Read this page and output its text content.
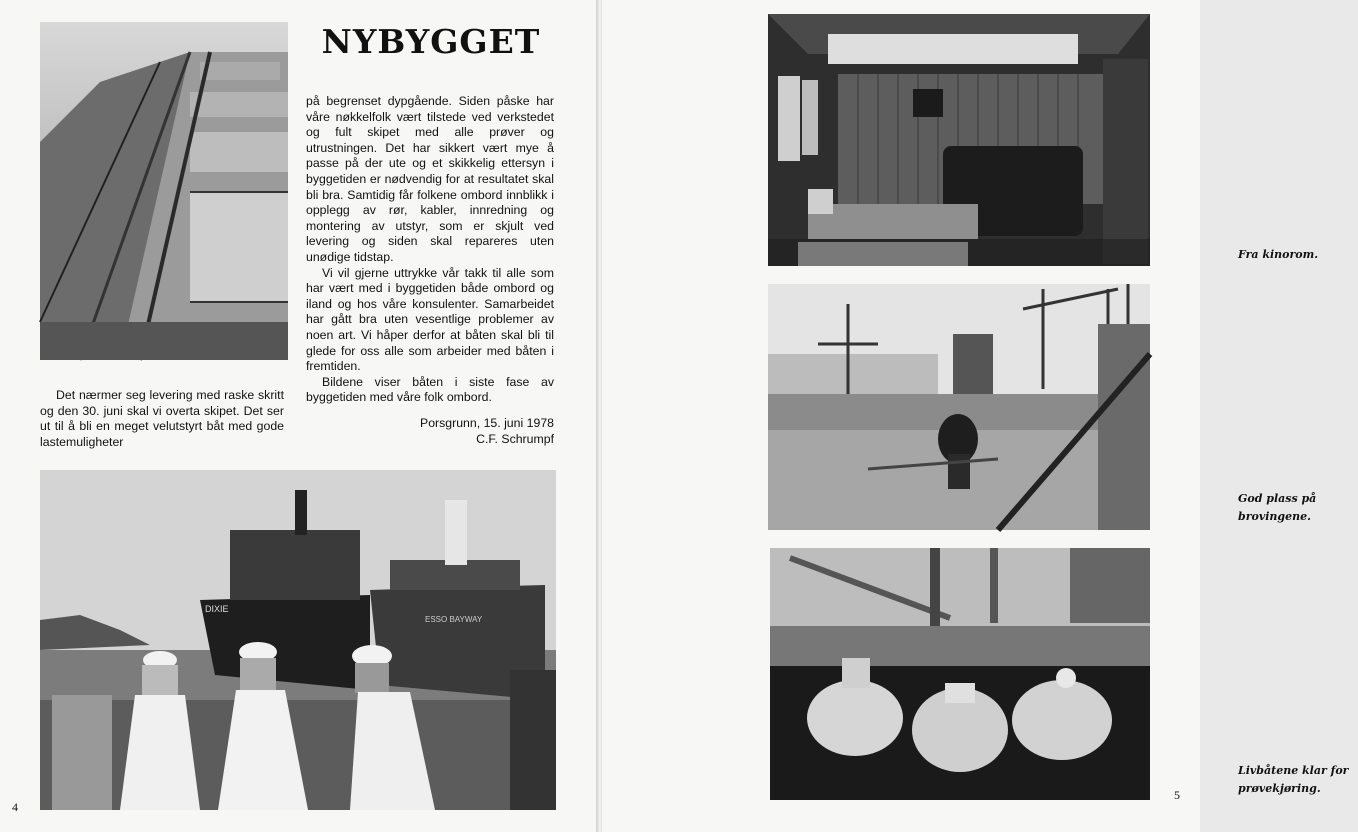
NYBYGGET

på begrenset dypgående. Siden påske har våre nøkkelfolk vært tilstede ved verkstedet og fult skipet med alle prøver og utrustningen. Det har sikkert vært mye å passe på der ute og et skikkelig ettersyn i byggetiden er nødvendig for at resultatet skal bli bra. Samtidig får folkene ombord innblikk i opplegg av rør, kabler, innredning og montering av utstyr, som er skjult ved levering og siden skal repareres uten unødige tidstap.

Vi vil gjerne uttrykke vår takk til alle som har vært med i byggetiden både ombord og iland og hos våre konsulenter. Samarbeidet har gått bra uten vesentlige problemer av noen art. Vi håper derfor at båten skal bli til glede for oss alle som arbeider med båten i fremtiden.

Bildene viser båten i siste fase av byggetiden med våre folk ombord.

Porsgrunn, 15. juni 1978
C.F. Schrumpf
Det nærmer seg levering med raske skritt og den 30. juni skal vi overta skipet. Det ser ut til å bli en meget velutstyrt båt med gode lastemuligheter
DIXIE
ESSO BAYWAY
4
Fra kinorom.
God plass på brovingene.
Livbåtene klar for prøvekjøring.
5
